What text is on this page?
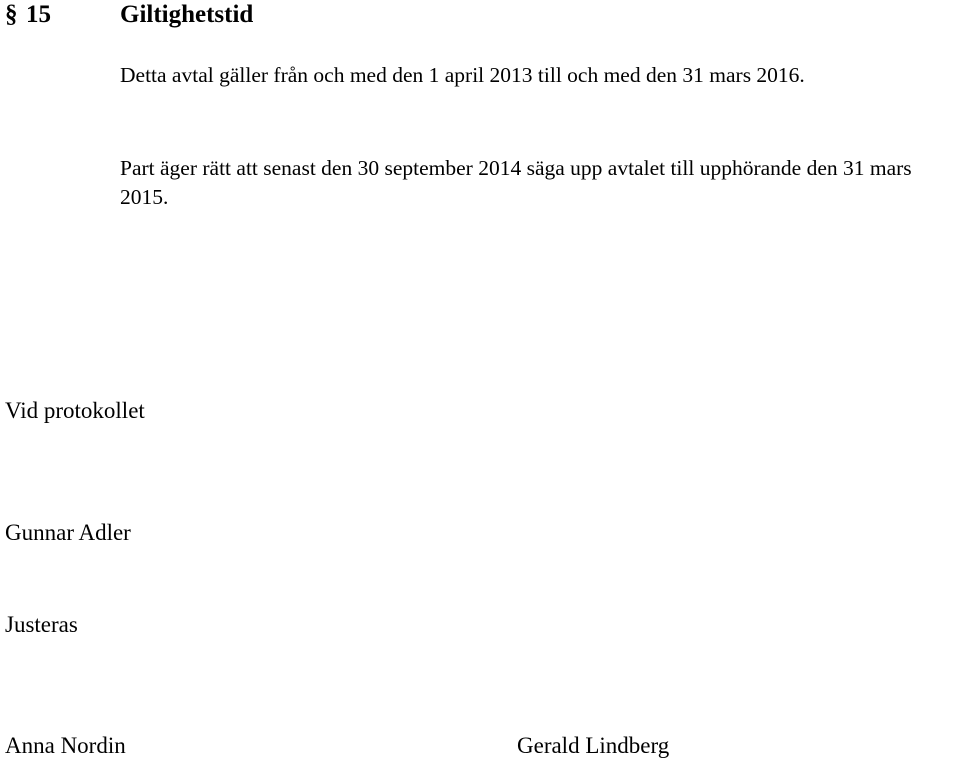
§ 15	Giltighetstid

Detta avtal gäller från och med den 1 april 2013 till och med den 31 mars 2016.

Part äger rätt att senast den 30 september 2014 säga upp avtalet till upphörande den 31 mars 2015.

Vid protokollet
Gunnar Adler
Justeras
Anna Nordin	Gerald Lindberg
